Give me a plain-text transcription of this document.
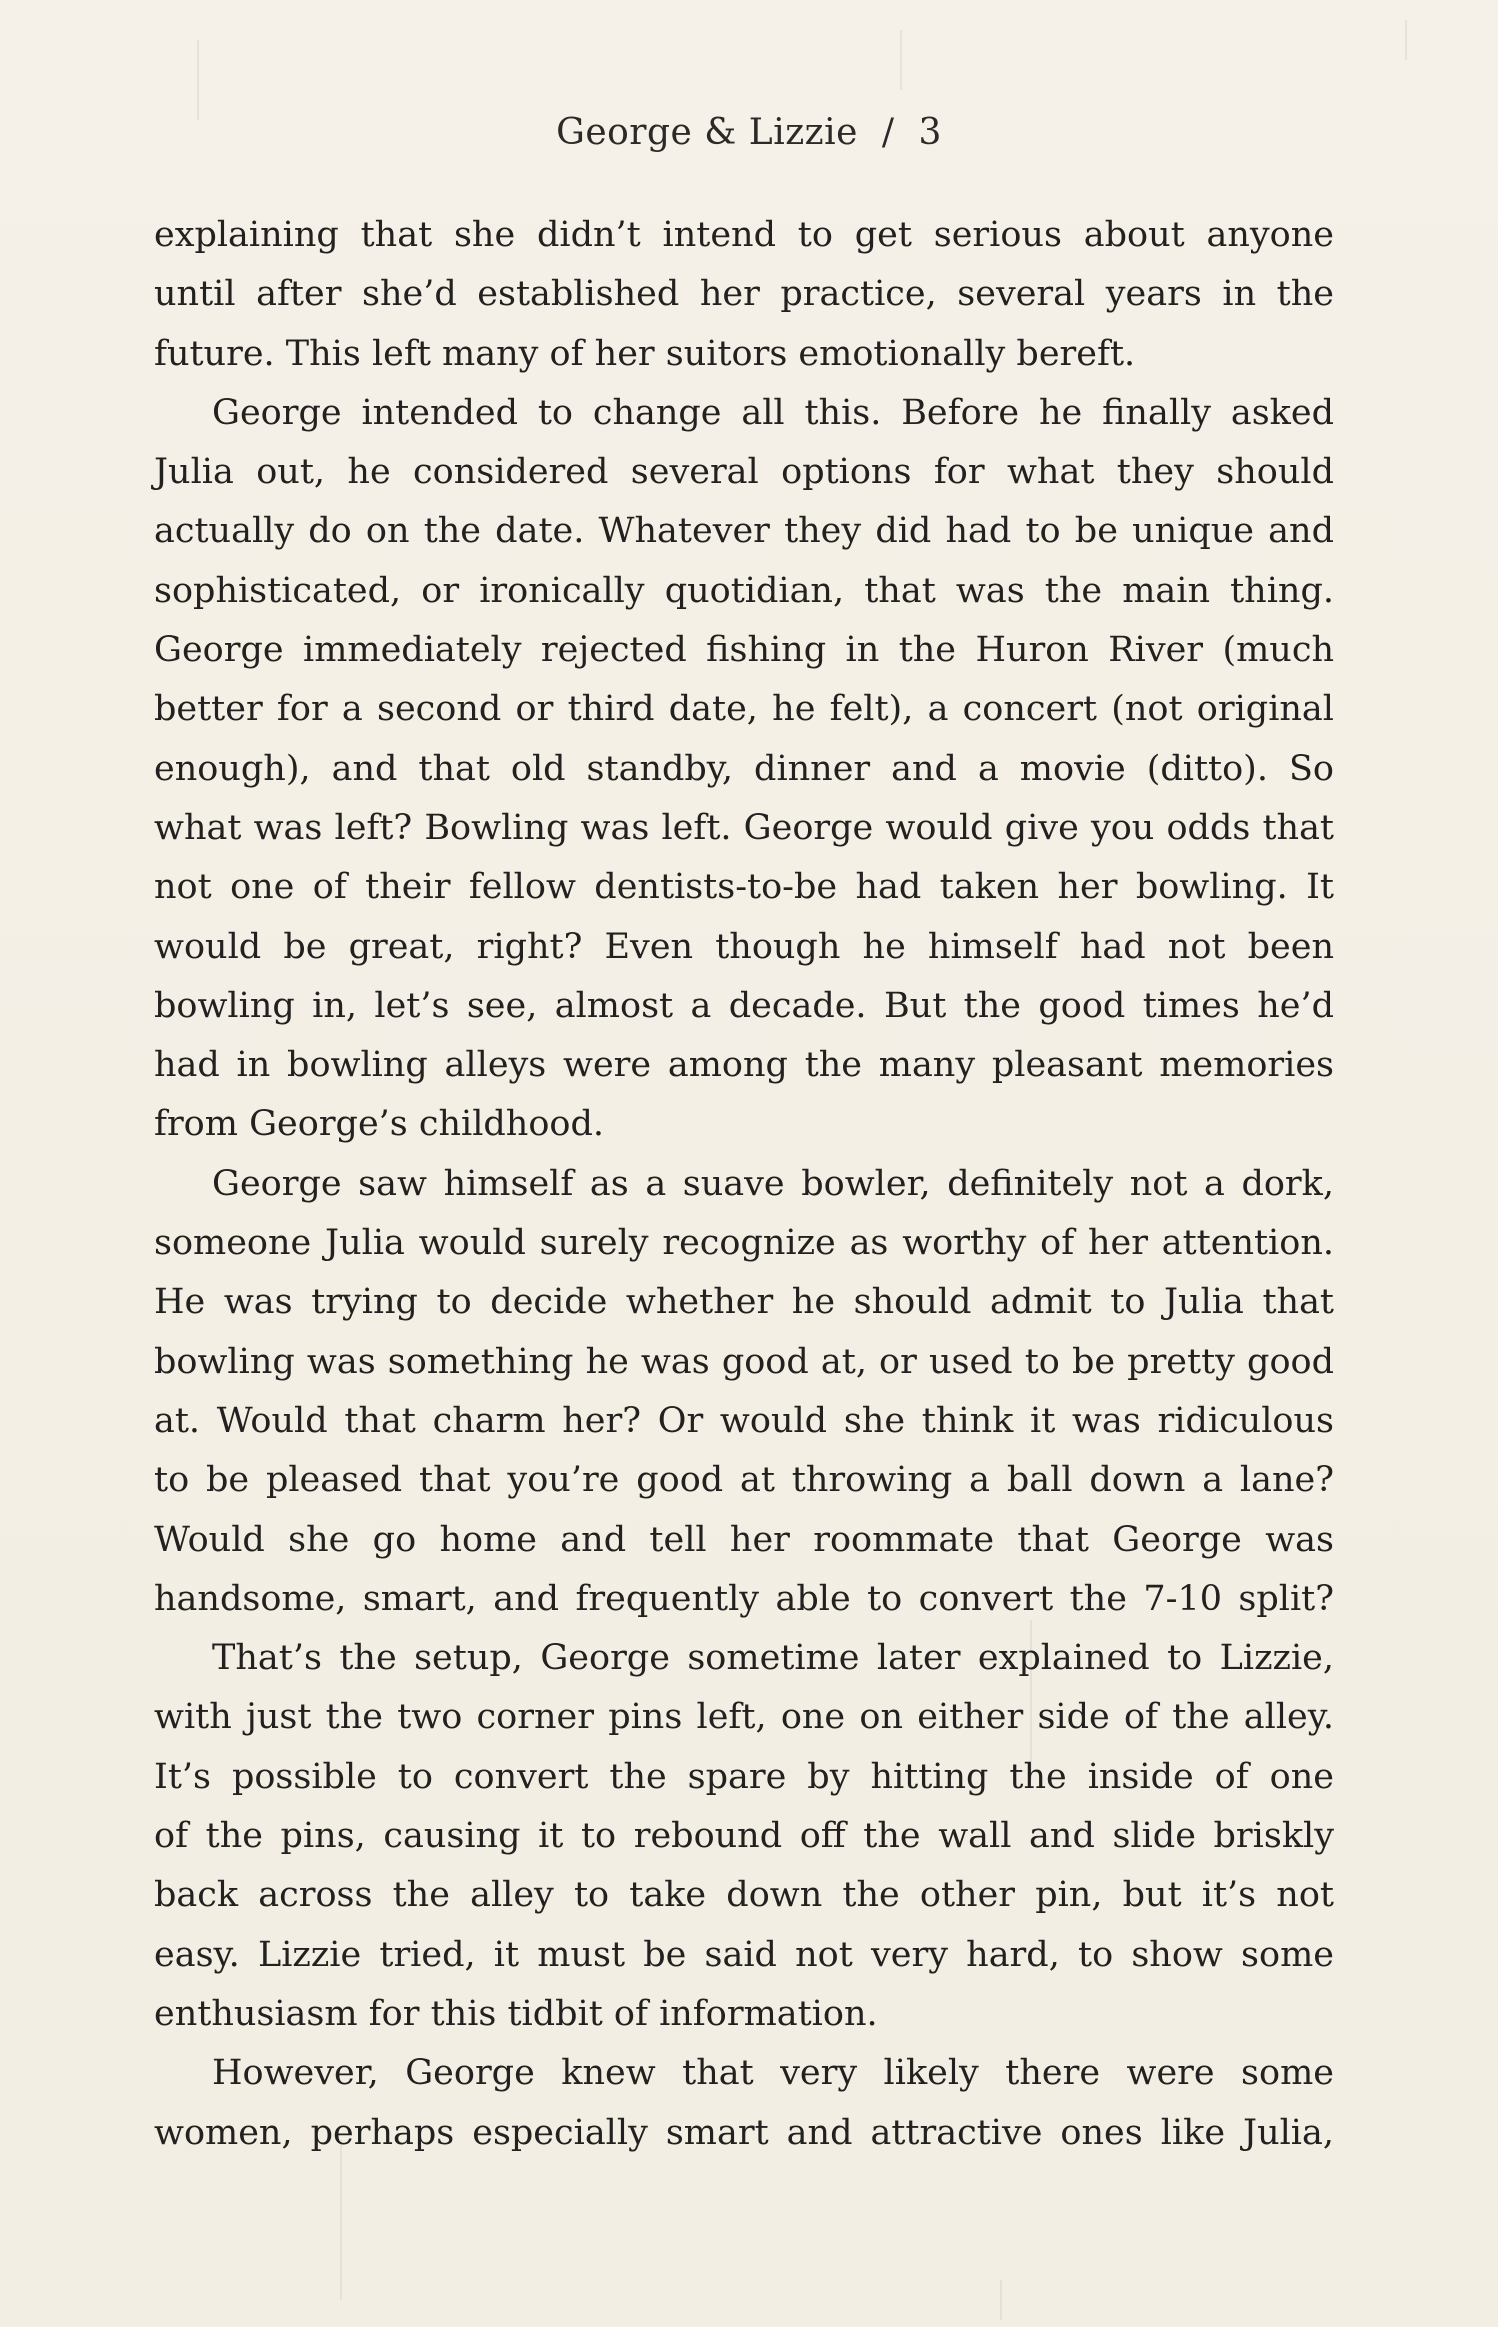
George & Lizzie / 3

explaining that she didn’t intend to get serious about anyone
until after she’d established her practice, several years in the
future. This left many of her suitors emotionally bereft.

George intended to change all this. Before he finally asked
Julia out, he considered several options for what they should
actually do on the date. Whatever they did had to be unique and
sophisticated, or ironically quotidian, that was the main thing.
George immediately rejected fishing in the Huron River (much
better for a second or third date, he felt), a concert (not original
enough), and that old standby, dinner and a movie (ditto). So
what was left? Bowling was left. George would give you odds that
not one of their fellow dentists-to-be had taken her bowling. It
would be great, right? Even though he himself had not been
bowling in, let’s see, almost a decade. But the good times he’d
had in bowling alleys were among the many pleasant memories
from George’s childhood.

George saw himself as a suave bowler, definitely not a dork,
someone Julia would surely recognize as worthy of her attention.
He was trying to decide whether he should admit to Julia that
bowling was something he was good at, or used to be pretty good
at. Would that charm her? Or would she think it was ridiculous
to be pleased that you’re good at throwing a ball down a lane?
Would she go home and tell her roommate that George was
handsome, smart, and frequently able to convert the 7-10 split?

That’s the setup, George sometime later explained to Lizzie,
with just the two corner pins left, one on either side of the alley.
It’s possible to convert the spare by hitting the inside of one
of the pins, causing it to rebound off the wall and slide briskly
back across the alley to take down the other pin, but it’s not
easy. Lizzie tried, it must be said not very hard, to show some
enthusiasm for this tidbit of information.

However, George knew that very likely there were some
women, perhaps especially smart and attractive ones like Julia,
